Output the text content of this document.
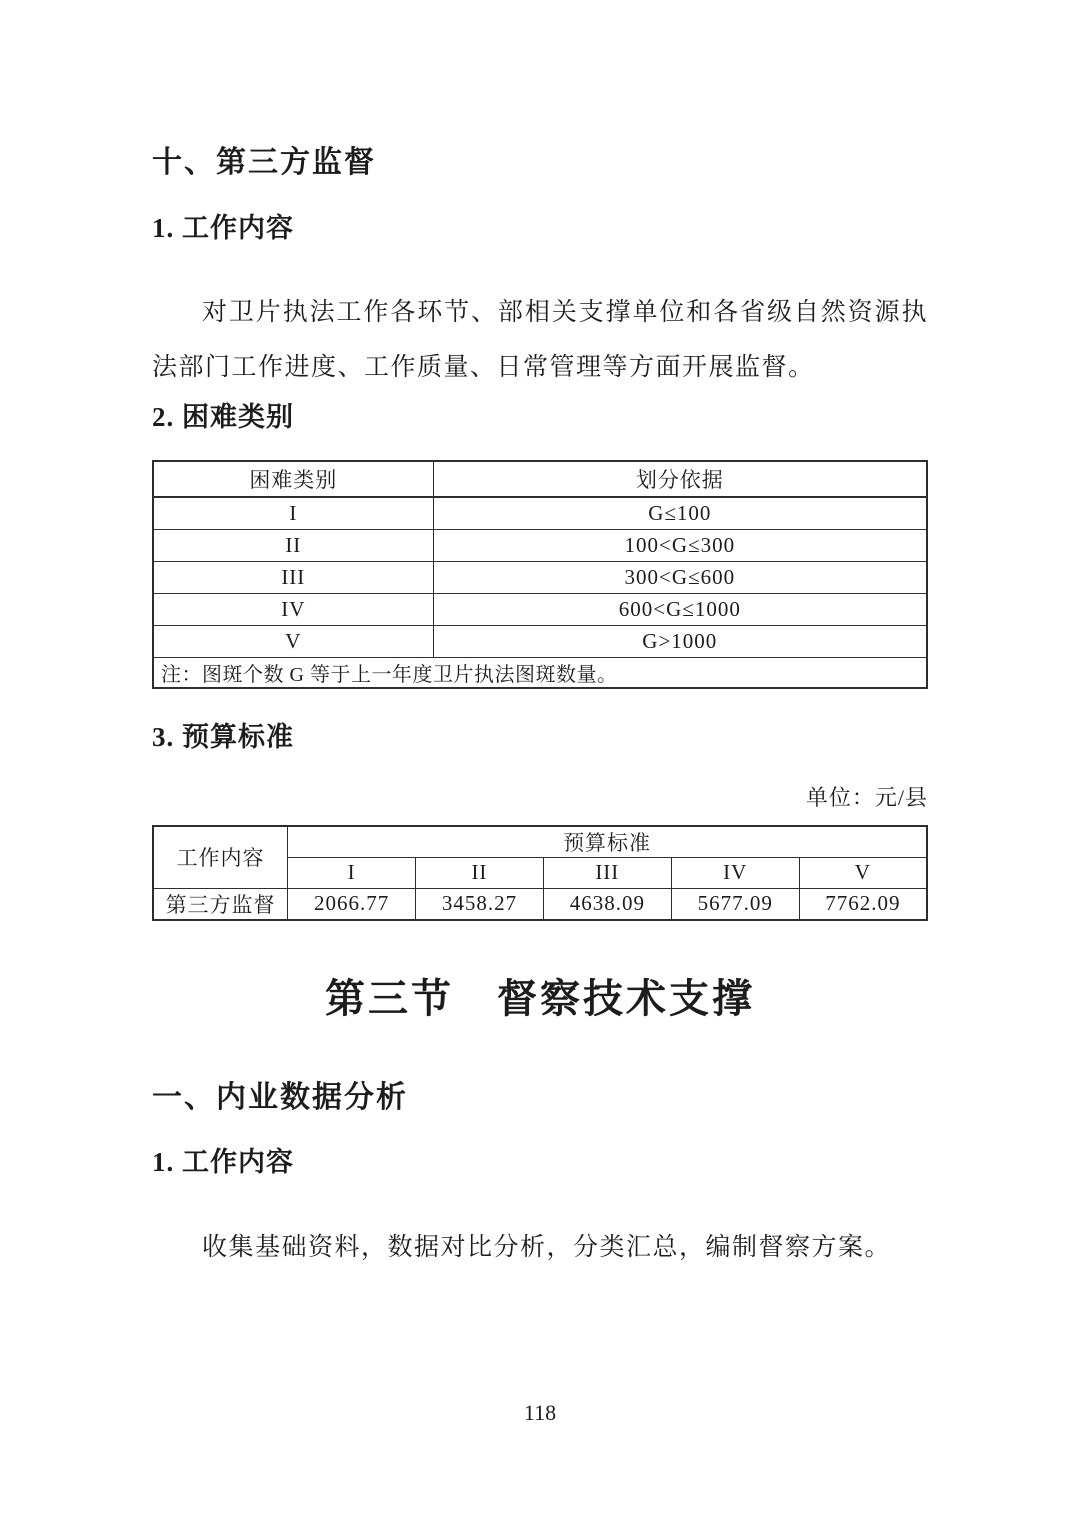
十、第三方监督
1. 工作内容

对卫片执法工作各环节、部相关支撑单位和各省级自然资源执法部门工作进度、工作质量、日常管理等方面开展监督。

2. 困难类别
困难类别	划分依据
I	G≤100
II	100<G≤300
III	300<G≤600
IV	600<G≤1000
V	G>1000
注：图斑个数 G 等于上一年度卫片执法图斑数量。	
3. 预算标准

单位：元/县

工作内容	预算标准				
	I	II	III	IV	V
第三方监督	2066.77	3458.27	4638.09	5677.09	7762.09
第三节　督察技术支撑
一、内业数据分析
1. 工作内容

收集基础资料，数据对比分析，分类汇总，编制督察方案。

118
